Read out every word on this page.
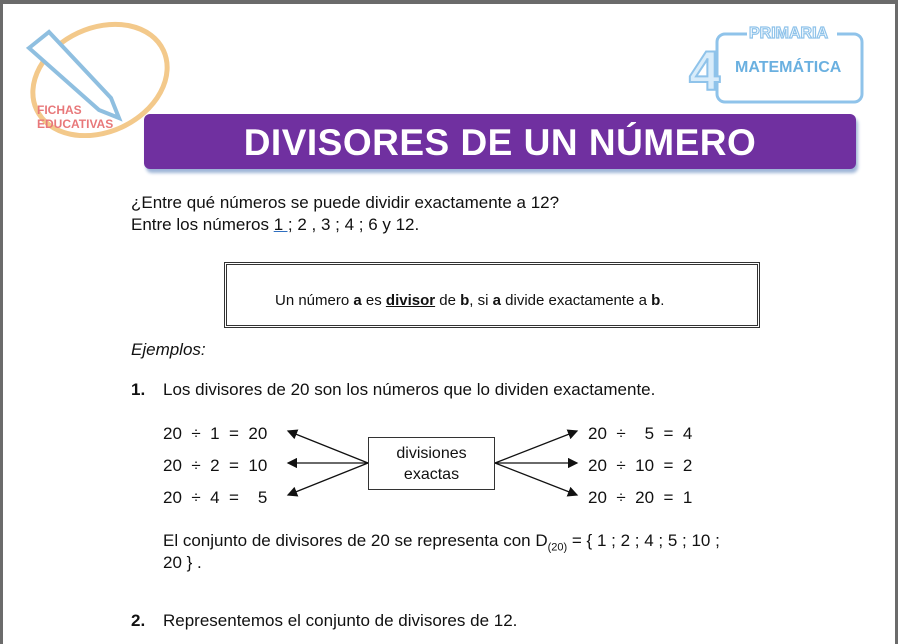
FICHAS
EDUCATIVAS
PRIMARIA
4 MATEMÁTICA
DIVISORES DE UN NÚMERO
¿Entre qué números se puede dividir exactamente a 12?
Entre los números 1 ; 2 , 3 ; 4 ; 6 y 12.
Un número a es divisor de b, si a divide exactamente a b.
Ejemplos:
1. Los divisores de 20 son los números que lo dividen exactamente.
20  ÷  1  =  20
20  ÷  2  =  10
20  ÷  4  =    5
20  ÷    5  =  4
20  ÷  10  =  2
20  ÷  20  =  1
divisiones
exactas
El conjunto de divisores de 20 se representa con $D_{(20)}$ = { 1 ; 2 ; 4 ; 5 ; 10 ;
20 } .
2. Representemos el conjunto de divisores de 12.
